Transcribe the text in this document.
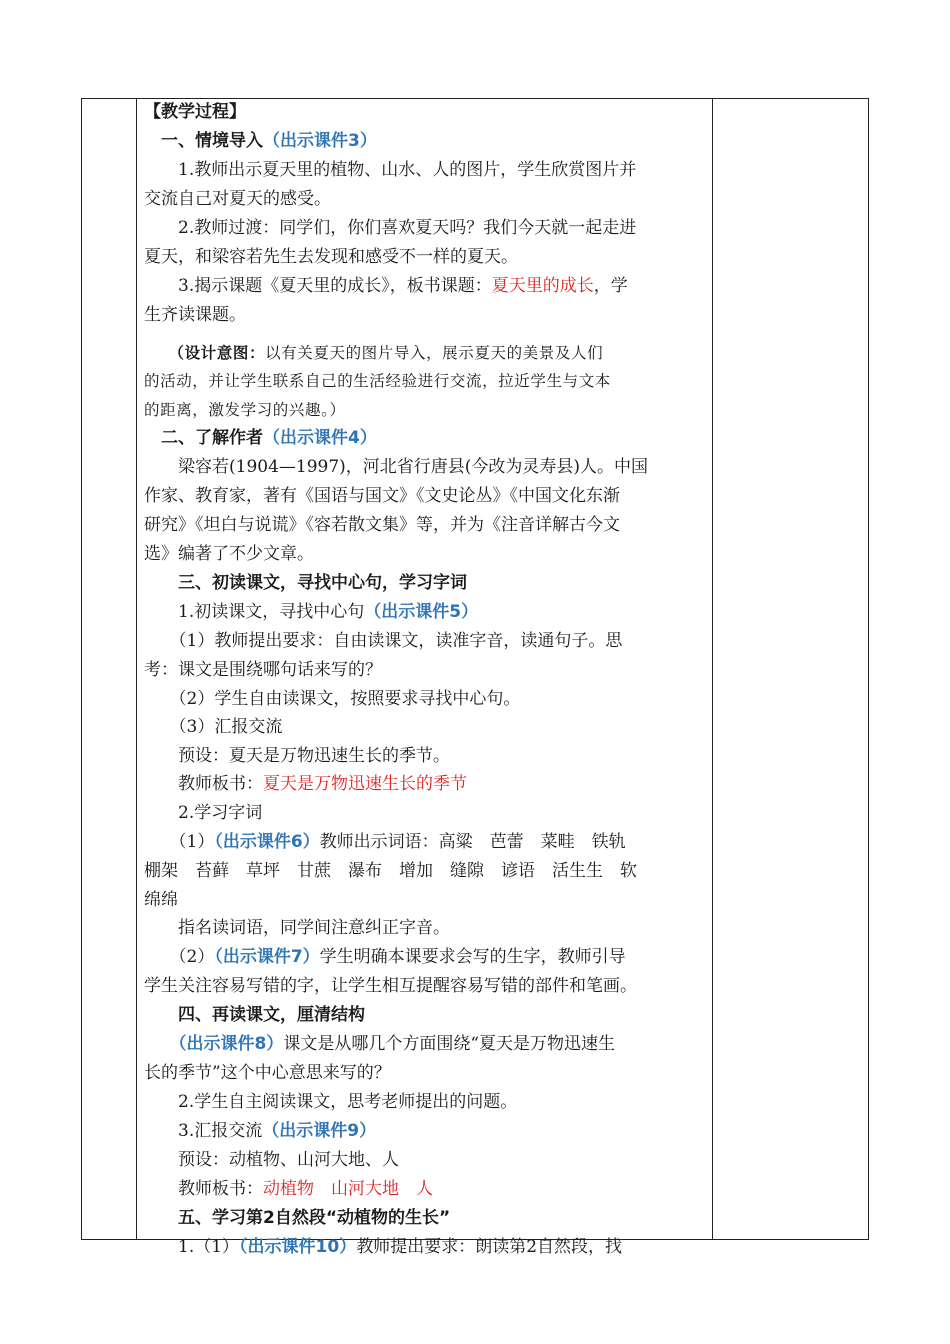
【教学过程】
　一、情境导入（出示课件3）
　　1.教师出示夏天里的植物、山水、人的图片，学生欣赏图片并
交流自己对夏天的感受。
　　2.教师过渡：同学们，你们喜欢夏天吗？我们今天就一起走进
夏天，和梁容若先生去发现和感受不一样的夏天。
　　3.揭示课题《夏天里的成长》，板书课题：夏天里的成长，学
生齐读课题。
　　（设计意图：以有关夏天的图片导入，展示夏天的美景及人们
的活动，并让学生联系自己的生活经验进行交流，拉近学生与文本
的距离，激发学习的兴趣。）
　二、了解作者（出示课件4）
　　梁容若(1904—1997)，河北省行唐县(今改为灵寿县)人。中国
作家、教育家，著有《国语与国文》《文史论丛》《中国文化东渐
研究》《坦白与说谎》《容若散文集》等，并为《注音详解古今文
选》编著了不少文章。
　　三、初读课文，寻找中心句，学习字词
　　1.初读课文，寻找中心句（出示课件5）
　　（1）教师提出要求：自由读课文，读准字音，读通句子。思
考：课文是围绕哪句话来写的？
　　（2）学生自由读课文，按照要求寻找中心句。
　　（3）汇报交流
　　预设：夏天是万物迅速生长的季节。
　　教师板书：夏天是万物迅速生长的季节
　　2.学习字词
　　（1）（出示课件6）教师出示词语：高粱　芭蕾　菜畦　铁轨
棚架　苔藓　草坪　甘蔗　瀑布　增加　缝隙　谚语　活生生　软
绵绵
　　指名读词语，同学间注意纠正字音。
　　（2）（出示课件7）学生明确本课要求会写的生字，教师引导
学生关注容易写错的字，让学生相互提醒容易写错的部件和笔画。
　　四、再读课文，厘清结构
　　（出示课件8）课文是从哪几个方面围绕“夏天是万物迅速生
长的季节”这个中心意思来写的？
　　2.学生自主阅读课文，思考老师提出的问题。
　　3.汇报交流（出示课件9）
　　预设：动植物、山河大地、人
　　教师板书：动植物　山河大地　人
　　五、学习第2自然段“动植物的生长”
　　1.（1）（出示课件10）教师提出要求：朗读第2自然段，找
